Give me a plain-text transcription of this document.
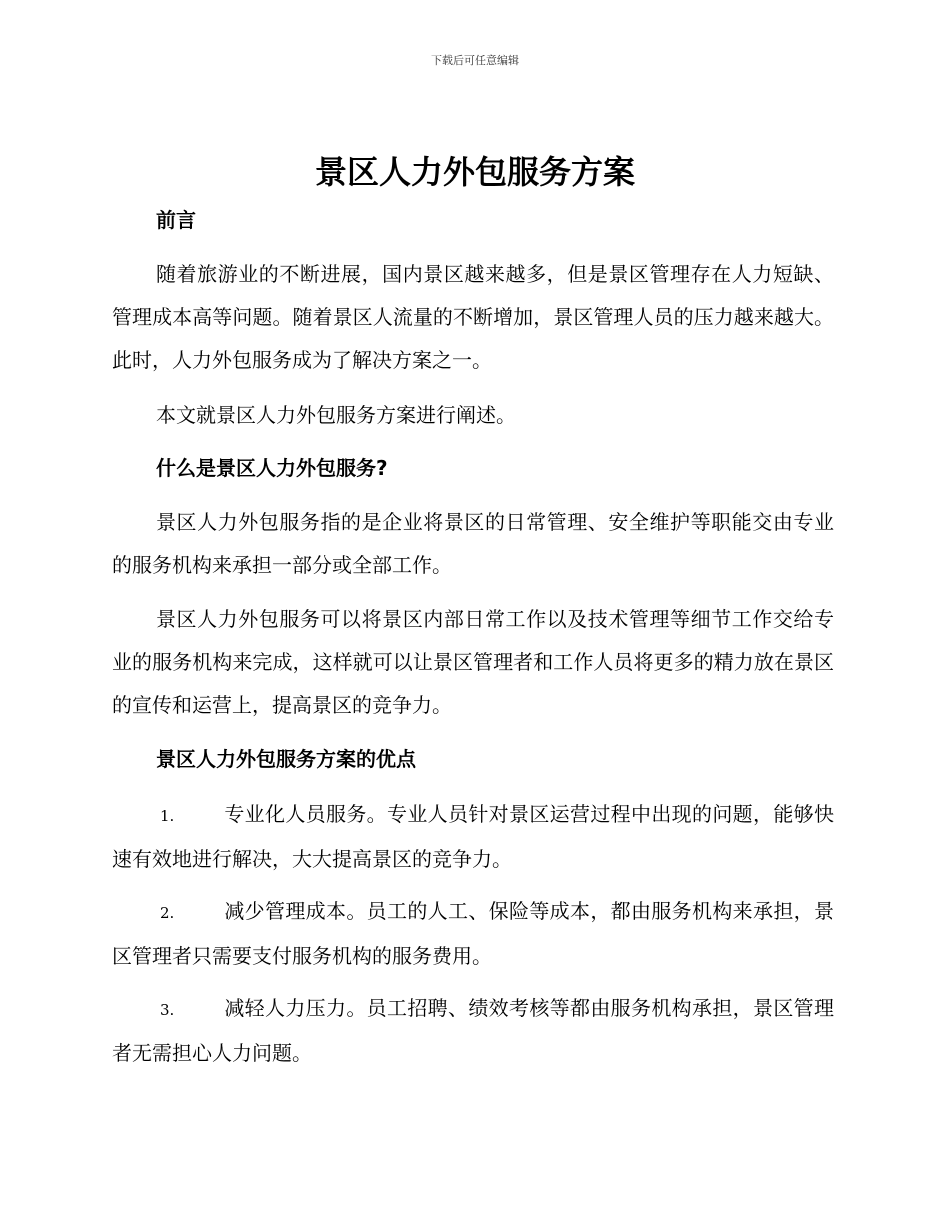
下载后可任意编辑
景区人力外包服务方案

前言

随着旅游业的不断进展，国内景区越来越多，但是景区管理存在人力短缺、管理成本高等问题。随着景区人流量的不断增加，景区管理人员的压力越来越大。此时，人力外包服务成为了解决方案之一。

本文就景区人力外包服务方案进行阐述。

什么是景区人力外包服务?

景区人力外包服务指的是企业将景区的日常管理、安全维护等职能交由专业的服务机构来承担一部分或全部工作。

景区人力外包服务可以将景区内部日常工作以及技术管理等细节工作交给专业的服务机构来完成，这样就可以让景区管理者和工作人员将更多的精力放在景区的宣传和运营上，提高景区的竞争力。

景区人力外包服务方案的优点

1. 专业化人员服务。专业人员针对景区运营过程中出现的问题，能够快速有效地进行解决，大大提高景区的竞争力。

2. 减少管理成本。员工的人工、保险等成本，都由服务机构来承担，景区管理者只需要支付服务机构的服务费用。

3. 减轻人力压力。员工招聘、绩效考核等都由服务机构承担，景区管理者无需担心人力问题。
